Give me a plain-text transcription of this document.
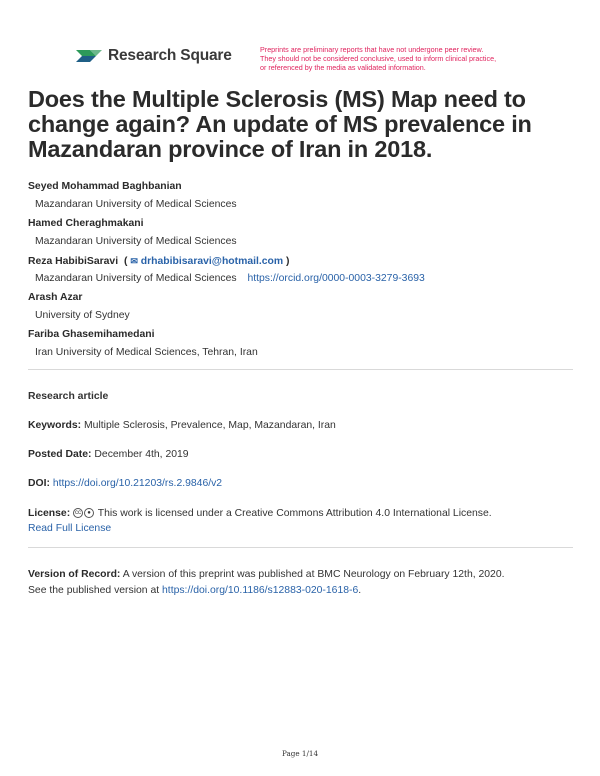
Research Square	Preprints are preliminary reports that have not undergone peer review.
They should not be considered conclusive, used to inform clinical practice,
or referenced by the media as validated information.
Does the Multiple Sclerosis (MS) Map need to change again? An update of MS prevalence in Mazandaran province of Iran in 2018.
Seyed Mohammad Baghbanian
Mazandaran University of Medical Sciences
Hamed Cheraghmakani
Mazandaran University of Medical Sciences
Reza HabibiSaravi ( ✉ drhabibisaravi@hotmail.com )
Mazandaran University of Medical Sciences https://orcid.org/0000-0003-3279-3693
Arash Azar
University of Sydney
Fariba Ghasemihamedani
Iran University of Medical Sciences, Tehran, Iran
Research article
Keywords: Multiple Sclerosis, Prevalence, Map, Mazandaran, Iran
Posted Date: December 4th, 2019
DOI: https://doi.org/10.21203/rs.2.9846/v2
License: cc ● This work is licensed under a Creative Commons Attribution 4.0 International License.
Read Full License
Version of Record: A version of this preprint was published at BMC Neurology on February 12th, 2020.
See the published version at https://doi.org/10.1186/s12883-020-1618-6.
Page 1/14
